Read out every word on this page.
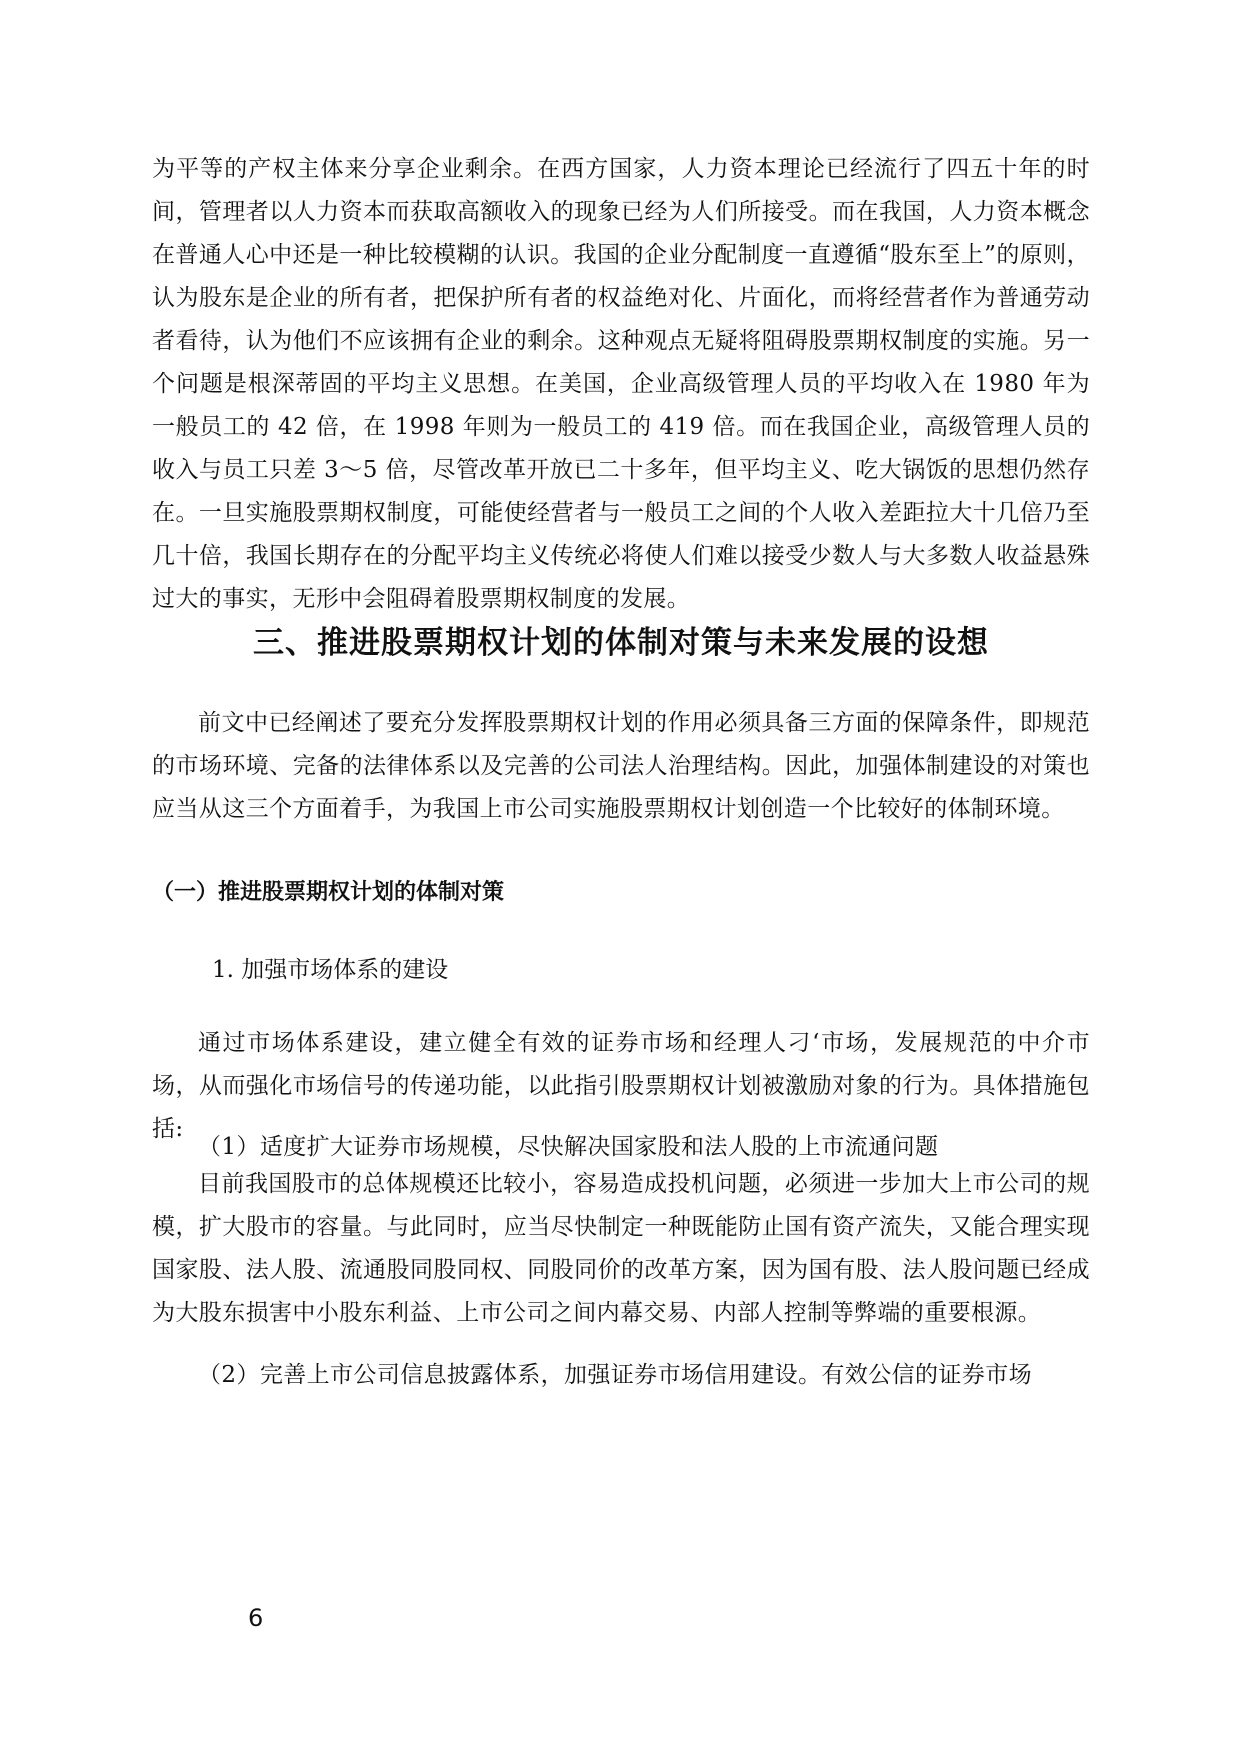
为平等的产权主体来分享企业剩余。在西方国家，人力资本理论已经流行了四五十年的时间，管理者以人力资本而获取高额收入的现象已经为人们所接受。而在我国，人力资本概念在普通人心中还是一种比较模糊的认识。我国的企业分配制度一直遵循“股东至上”的原则，认为股东是企业的所有者，把保护所有者的权益绝对化、片面化，而将经营者作为普通劳动者看待，认为他们不应该拥有企业的剩余。这种观点无疑将阻碍股票期权制度的实施。另一个问题是根深蒂固的平均主义思想。在美国，企业高级管理人员的平均收入在 1980 年为一般员工的 42 倍，在 1998 年则为一般员工的 419 倍。而在我国企业，高级管理人员的收入与员工只差 3～5 倍，尽管改革开放已二十多年，但平均主义、吃大锅饭的思想仍然存在。一旦实施股票期权制度，可能使经营者与一般员工之间的个人收入差距拉大十几倍乃至几十倍，我国长期存在的分配平均主义传统必将使人们难以接受少数人与大多数人收益悬殊过大的事实，无形中会阻碍着股票期权制度的发展。

三、推进股票期权计划的体制对策与未来发展的设想

前文中已经阐述了要充分发挥股票期权计划的作用必须具备三方面的保障条件，即规范的市场环境、完备的法律体系以及完善的公司法人治理结构。因此，加强体制建设的对策也应当从这三个方面着手，为我国上市公司实施股票期权计划创造一个比较好的体制环境。

（一）推进股票期权计划的体制对策

1. 加强市场体系的建设

通过市场体系建设，建立健全有效的证券市场和经理人刁‘市场，发展规范的中介市场，从而强化市场信号的传递功能，以此指引股票期权计划被激励对象的行为。具体措施包括:

（1）适度扩大证券市场规模，尽快解决国家股和法人股的上市流通问题

目前我国股市的总体规模还比较小，容易造成投机问题，必须进一步加大上市公司的规模，扩大股市的容量。与此同时，应当尽快制定一种既能防止国有资产流失，又能合理实现国家股、法人股、流通股同股同权、同股同价的改革方案，因为国有股、法人股问题已经成为大股东损害中小股东利益、上市公司之间内幕交易、内部人控制等弊端的重要根源。

（2）完善上市公司信息披露体系，加强证券市场信用建设。有效公信的证券市场

6
